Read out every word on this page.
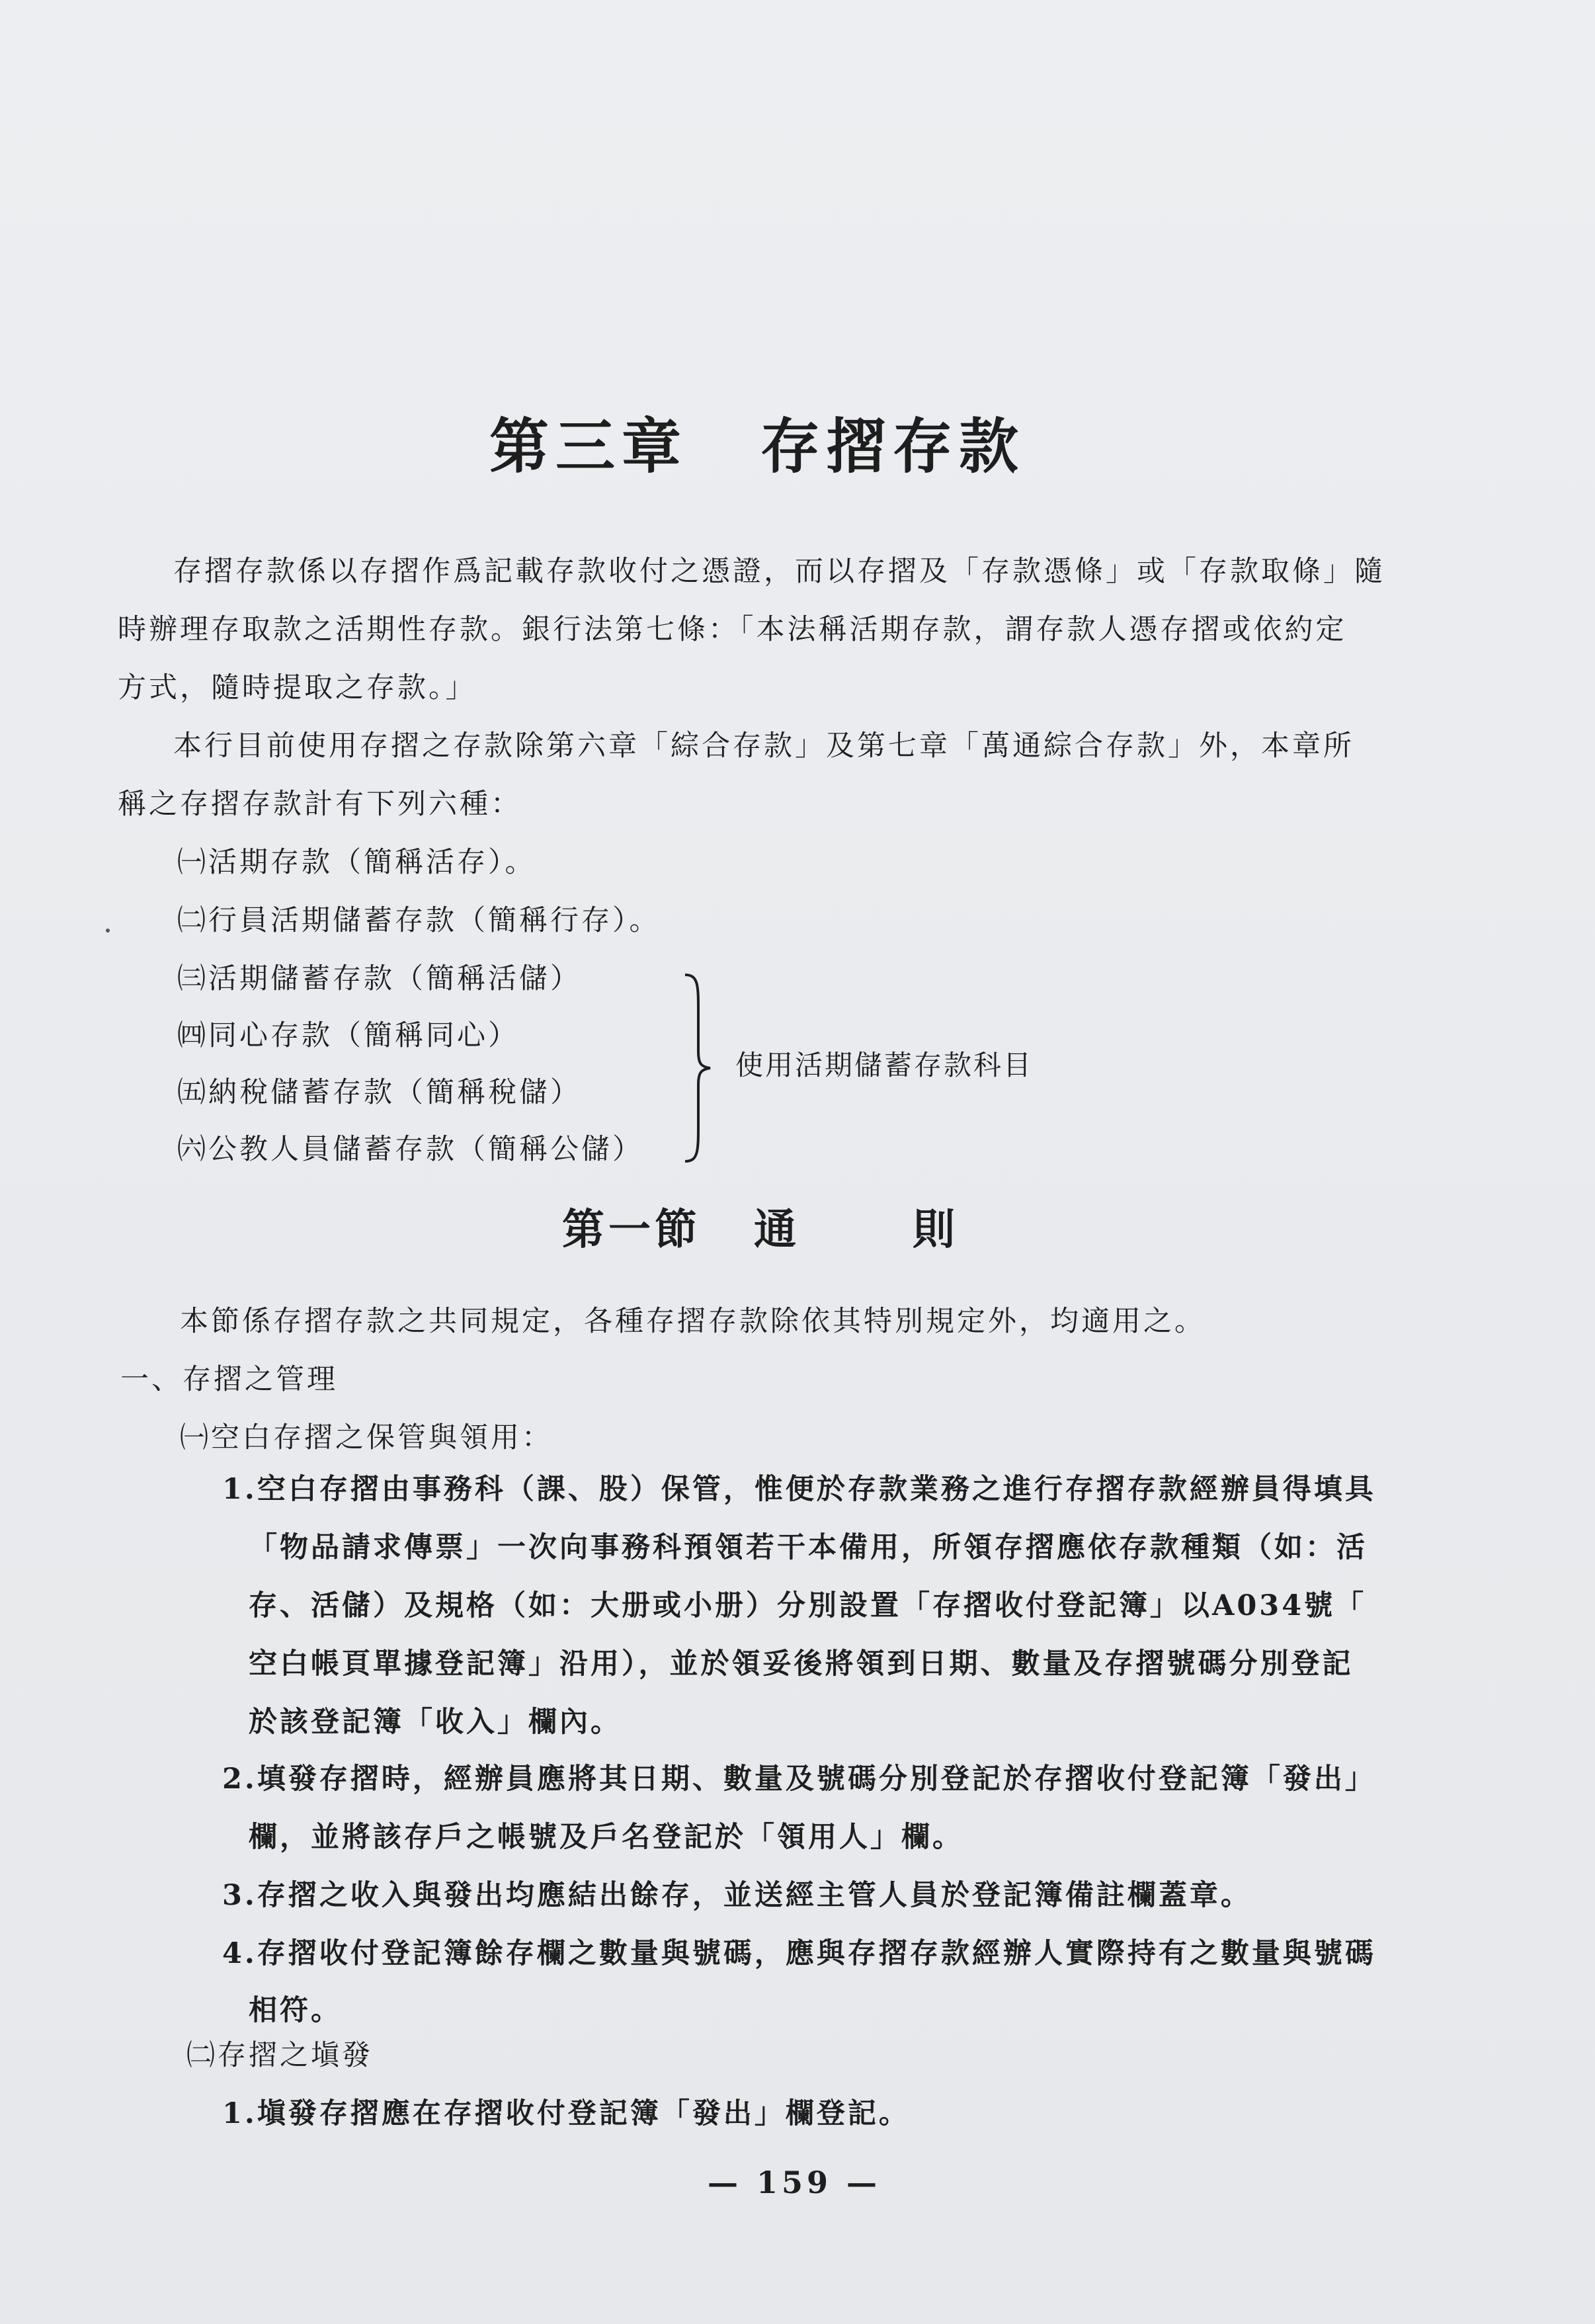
第三章 存摺存款
存摺存款係以存摺作爲記載存款收付之憑證，而以存摺及「存款憑條」或「存款取條」隨
時辦理存取款之活期性存款。銀行法第七條：「本法稱活期存款，謂存款人憑存摺或依約定
方式，隨時提取之存款。」
本行目前使用存摺之存款除第六章「綜合存款」及第七章「萬通綜合存款」外，本章所
稱之存摺存款計有下列六種：
㈠活期存款（簡稱活存）。
㈡行員活期儲蓄存款（簡稱行存）。
㈢活期儲蓄存款（簡稱活儲）
㈣同心存款（簡稱同心）
㈤納稅儲蓄存款（簡稱稅儲）
㈥公教人員儲蓄存款（簡稱公儲）
使用活期儲蓄存款科目
第一節 通	則
本節係存摺存款之共同規定，各種存摺存款除依其特別規定外，均適用之。
一、存摺之管理
㈠空白存摺之保管與領用：
1.空白存摺由事務科（課、股）保管，惟便於存款業務之進行存摺存款經辦員得填具
「物品請求傳票」一次向事務科預領若干本備用，所領存摺應依存款種類（如：活
存、活儲）及規格（如：大册或小册）分別設置「存摺收付登記簿」以A034號「
空白帳頁單據登記簿」沿用），並於領妥後將領到日期、數量及存摺號碼分別登記
於該登記簿「收入」欄內。
2.填發存摺時，經辦員應將其日期、數量及號碼分別登記於存摺收付登記簿「發出」
欄，並將該存戶之帳號及戶名登記於「領用人」欄。
3.存摺之收入與發出均應結出餘存，並送經主管人員於登記簿備註欄蓋章。
4.存摺收付登記簿餘存欄之數量與號碼，應與存摺存款經辦人實際持有之數量與號碼
相符。
㈡存摺之塡發
1.塡發存摺應在存摺收付登記簿「發出」欄登記。
— 159 —
